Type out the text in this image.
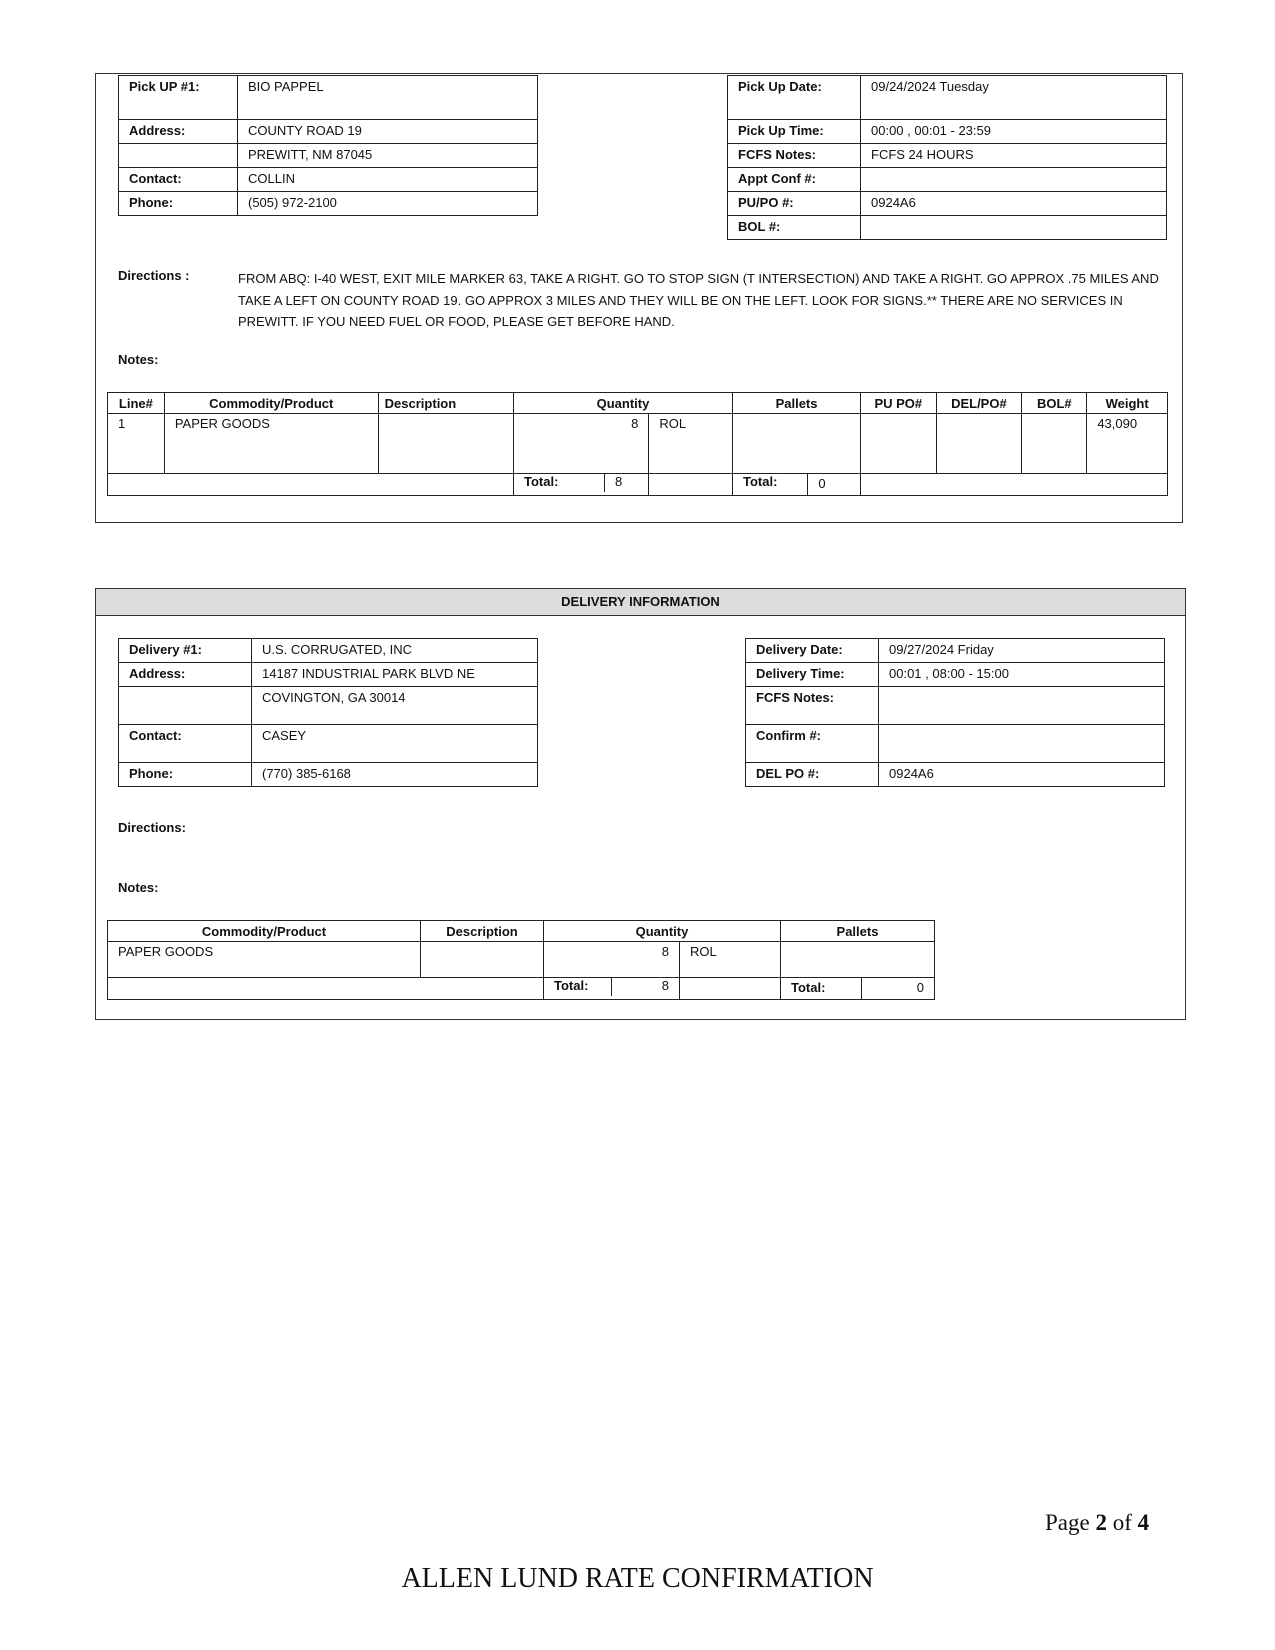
Pick UP #1:	BIO PAPPEL
Address:	COUNTY ROAD 19
	PREWITT, NM 87045
Contact:	COLLIN
Phone:	(505) 972-2100
Pick Up Date:	09/24/2024 Tuesday
Pick Up Time:	00:00 , 00:01 - 23:59
FCFS Notes:	FCFS 24 HOURS
Appt Conf #:	
PU/PO #:	0924A6
BOL #:	
Directions :	FROM ABQ: I-40 WEST, EXIT MILE MARKER 63, TAKE A RIGHT. GO TO STOP SIGN (T INTERSECTION) AND TAKE A RIGHT. GO APPROX .75 MILES AND TAKE A LEFT ON COUNTY ROAD 19. GO APPROX 3 MILES AND THEY WILL BE ON THE LEFT. LOOK FOR SIGNS.** THERE ARE NO SERVICES IN PREWITT. IF YOU NEED FUEL OR FOOD, PLEASE GET BEFORE HAND.
Notes:
Line#	Commodity/Product	Description	Quantity		Pallets		PU PO#	DEL/PO#	BOL#	Weight
1	PAPER GOODS		8	ROL						43,090

			Total: 8		Total:	0				
DELIVERY INFORMATION
Delivery #1:	U.S. CORRUGATED, INC
Address:	14187 INDUSTRIAL PARK BLVD NE
	COVINGTON, GA 30014
Contact:	CASEY
Phone:	(770) 385-6168
Delivery Date:	09/27/2024 Friday
Delivery Time:	00:01 , 08:00 - 15:00
FCFS Notes:	
Confirm #:	
DEL PO #:	0924A6
Directions:
Notes:
Commodity/Product	Description	Quantity		Pallets	
PAPER GOODS		8	ROL		

		Total: 8		Total:	0
Page 2 of 4
ALLEN LUND RATE CONFIRMATION
